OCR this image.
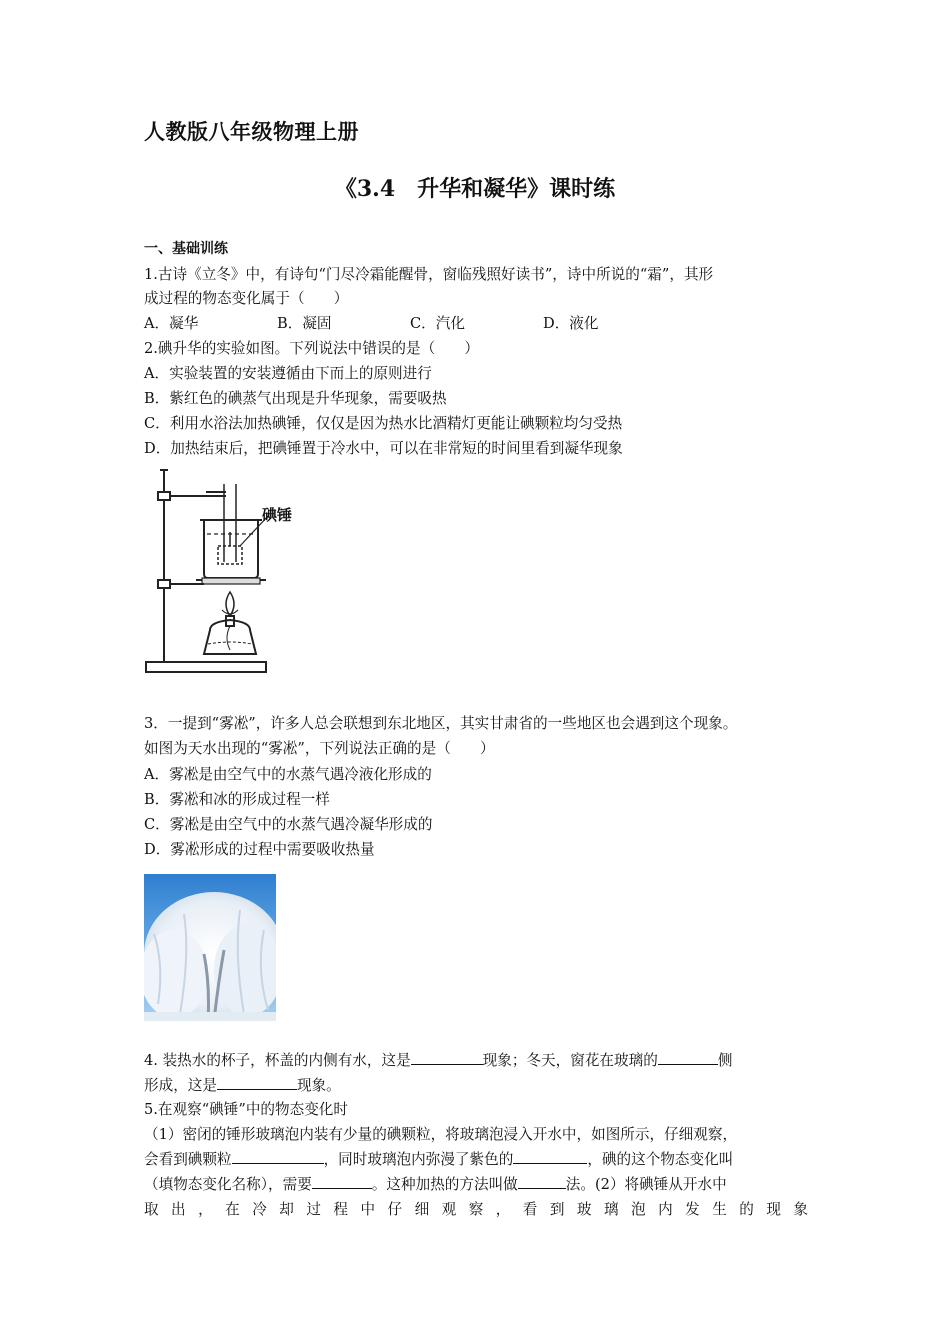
人教版八年级物理上册
《3.4　升华和凝华》课时练
一、基础训练
1.古诗《立冬》中，有诗句“门尽冷霜能醒骨，窗临残照好读书”，诗中所说的“霜”，其形
成过程的物态变化属于（　　）
A．凝华	B．凝固	C．汽化	D．液化
2.碘升华的实验如图。下列说法中错误的是（　　）
A．实验装置的安装遵循由下而上的原则进行
B．紫红色的碘蒸气出现是升华现象，需要吸热
C．利用水浴法加热碘锤，仅仅是因为热水比酒精灯更能让碘颗粒均匀受热
D．加热结束后，把碘锤置于冷水中，可以在非常短的时间里看到凝华现象
碘锤
3．一提到“雾凇”，许多人总会联想到东北地区，其实甘肃省的一些地区也会遇到这个现象。
如图为天水出现的“雾凇”，下列说法正确的是（　　）
A．雾凇是由空气中的水蒸气遇冷液化形成的
B．雾凇和冰的形成过程一样
C．雾凇是由空气中的水蒸气遇冷凝华形成的
D．雾凇形成的过程中需要吸收热量
4. 装热水的杯子，杯盖的内侧有水，这是	现象；冬天，窗花在玻璃的	侧
形成，这是	现象。
5.在观察“碘锤”中的物态变化时
（1）密闭的锤形玻璃泡内装有少量的碘颗粒，将玻璃泡浸入开水中，如图所示，仔细观察，
会看到碘颗粒	，同时玻璃泡内弥漫了紫色的	，碘的这个物态变化叫
（填物态变化名称），需要	。这种加热的方法叫做	法。(2）将碘锤从开水中
取出，在冷却过程中仔细观察，看到玻璃泡内发生的现象
